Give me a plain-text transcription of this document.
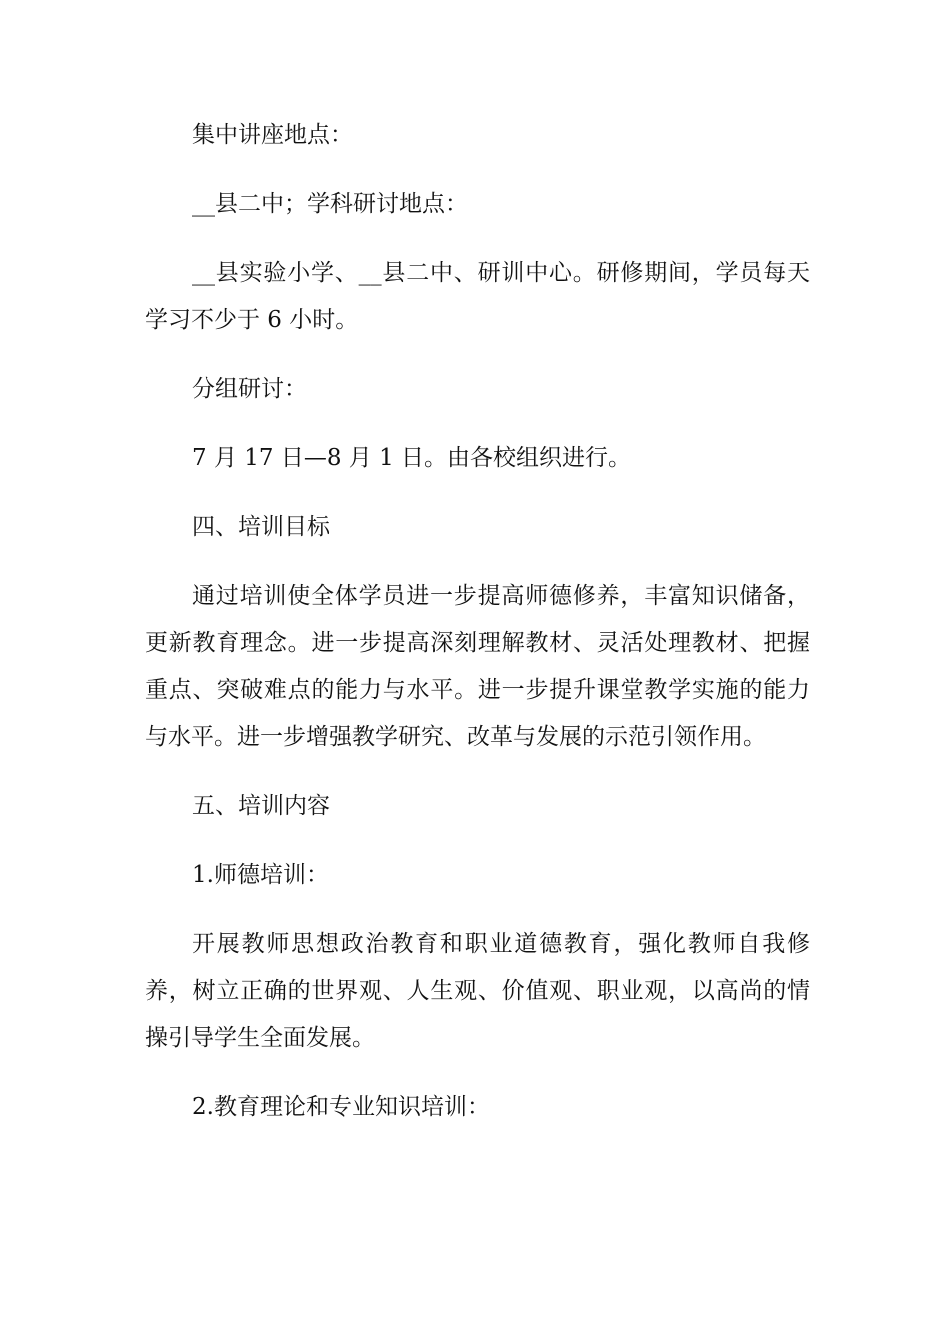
集中讲座地点：

__县二中；学科研讨地点：

__县实验小学、__县二中、研训中心。研修期间，学员每天学习不少于 6 小时。

分组研讨：

7 月 17 日—8 月 1 日。由各校组织进行。

四、培训目标

通过培训使全体学员进一步提高师德修养，丰富知识储备，更新教育理念。进一步提高深刻理解教材、灵活处理教材、把握重点、突破难点的能力与水平。进一步提升课堂教学实施的能力与水平。进一步增强教学研究、改革与发展的示范引领作用。

五、培训内容

1.师德培训：

开展教师思想政治教育和职业道德教育，强化教师自我修养，树立正确的世界观、人生观、价值观、职业观，以高尚的情操引导学生全面发展。

2.教育理论和专业知识培训：
